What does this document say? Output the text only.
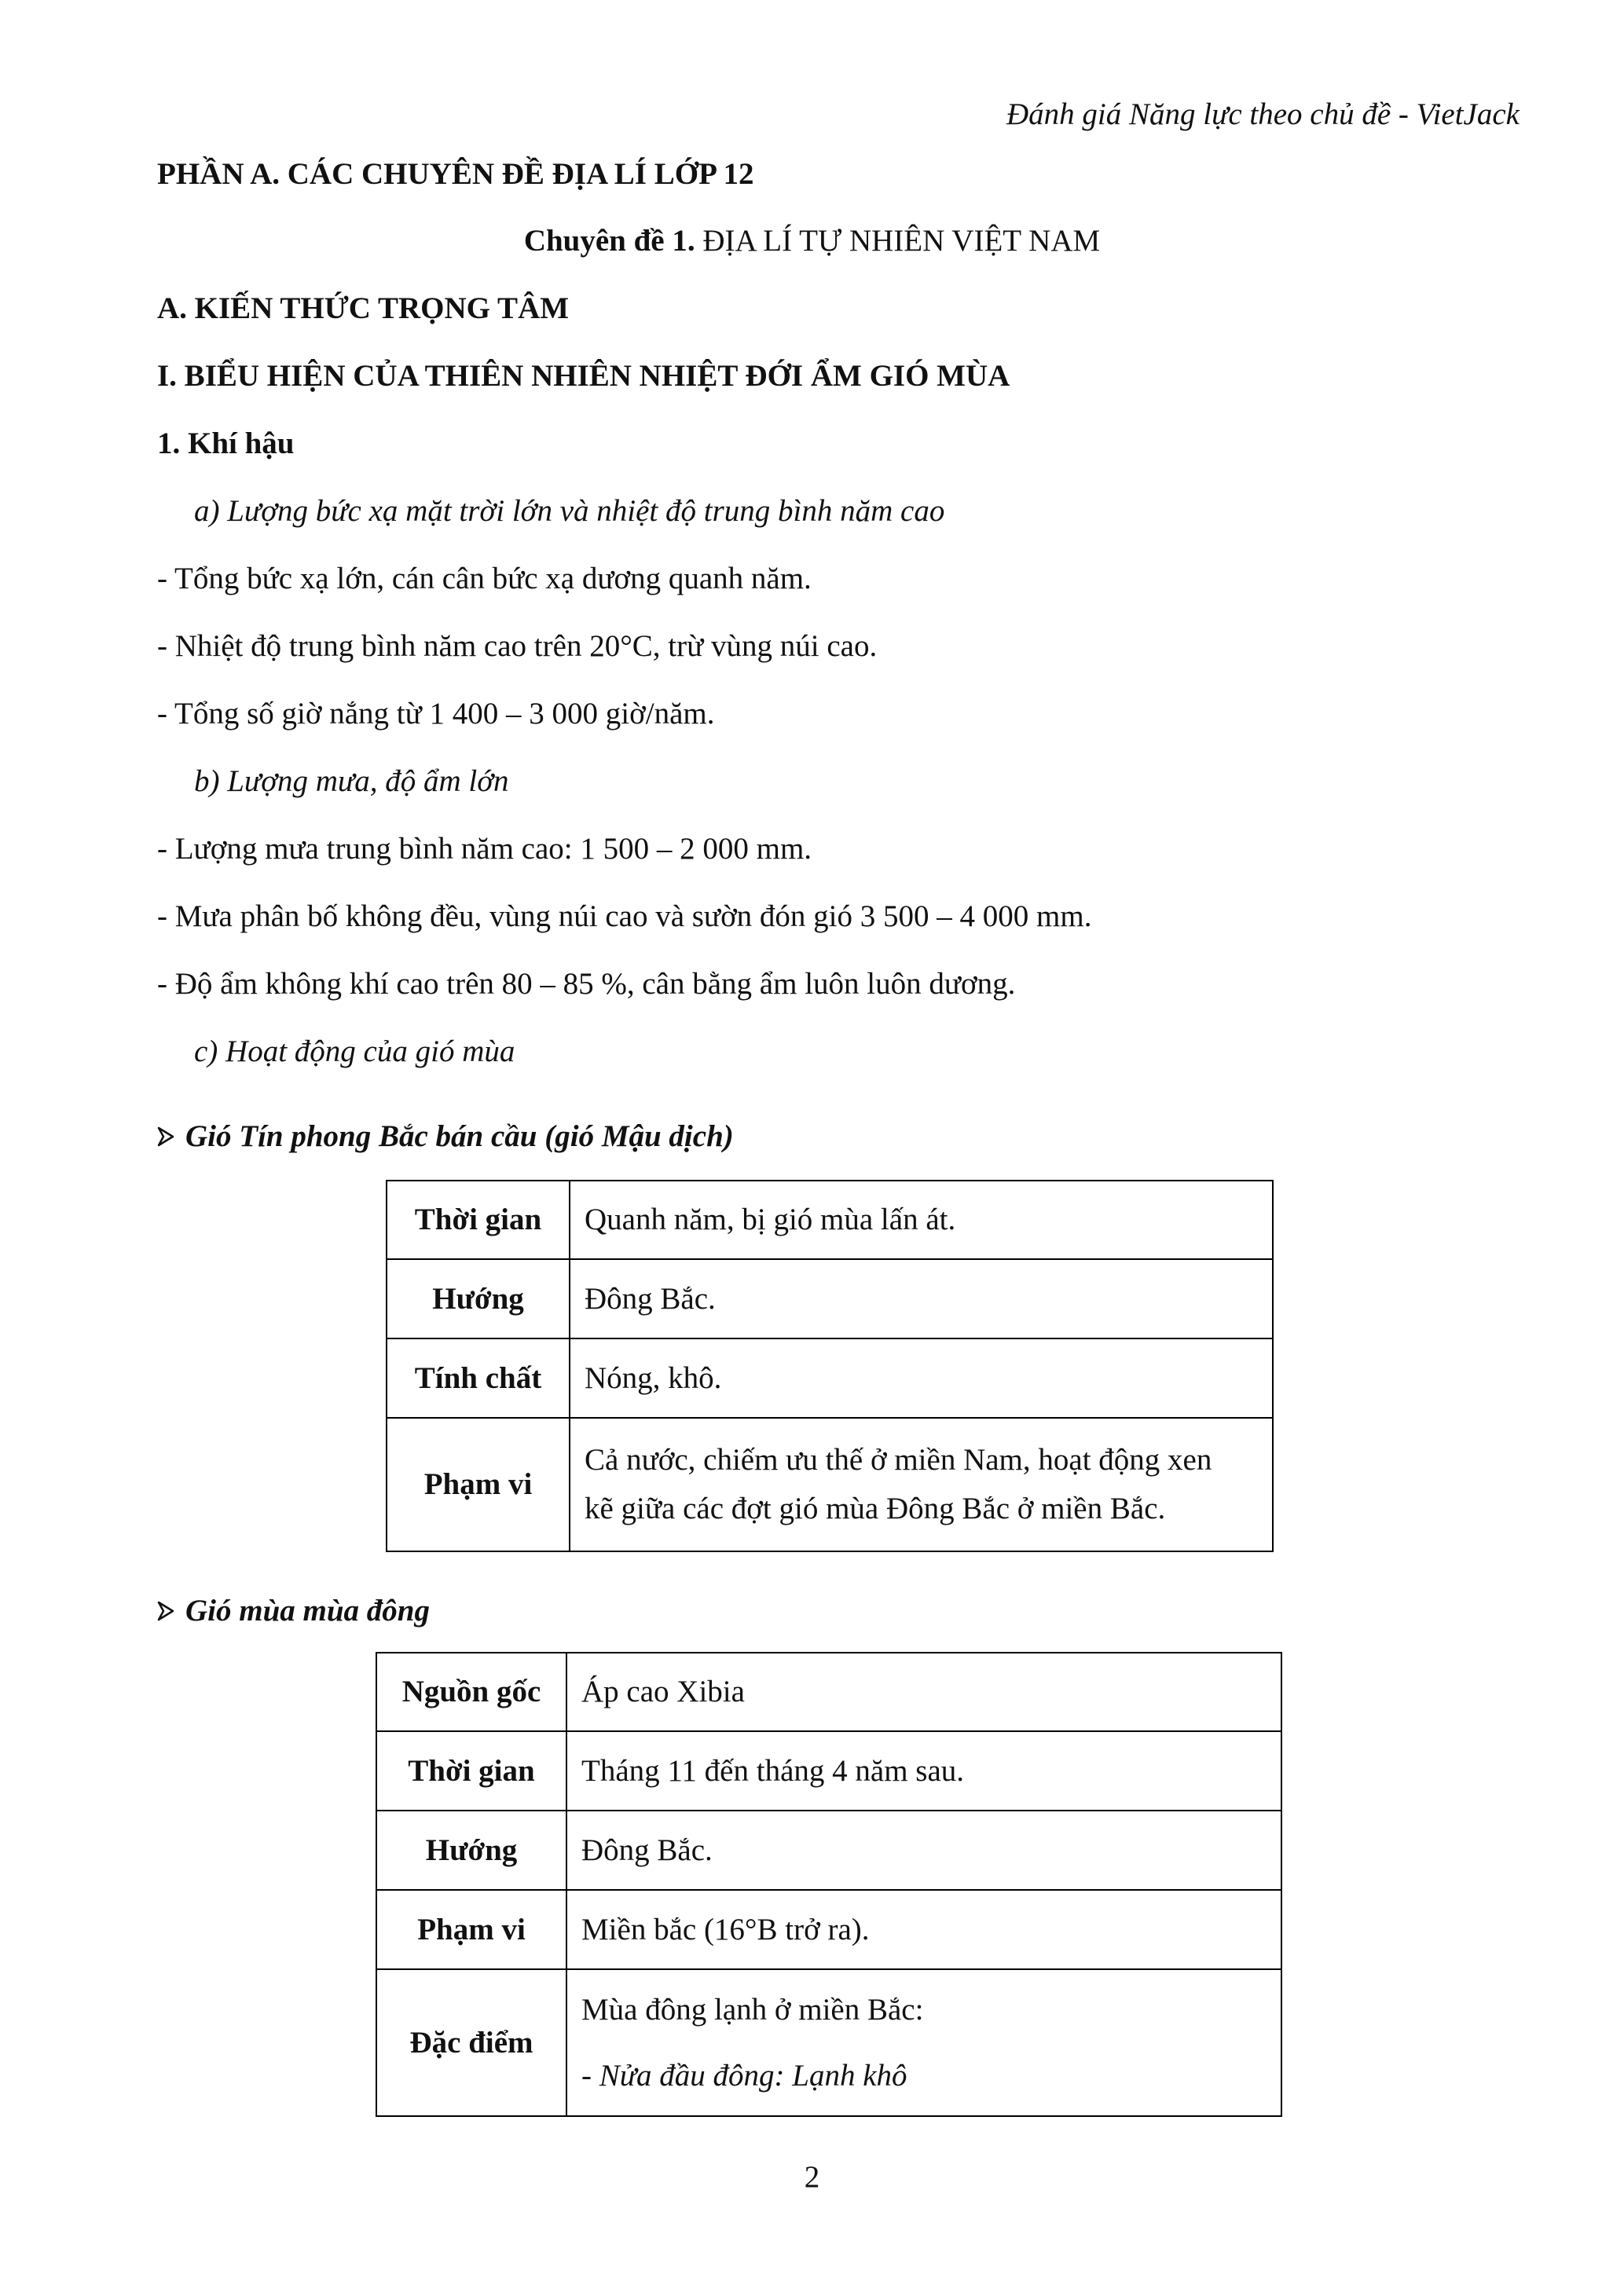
Đánh giá Năng lực theo chủ đề - VietJack
PHẦN A. CÁC CHUYÊN ĐỀ ĐỊA LÍ LỚP 12
Chuyên đề 1. ĐỊA LÍ TỰ NHIÊN VIỆT NAM
A. KIẾN THỨC TRỌNG TÂM
I. BIỂU HIỆN CỦA THIÊN NHIÊN NHIỆT ĐỚI ẨM GIÓ MÙA
1. Khí hậu
a) Lượng bức xạ mặt trời lớn và nhiệt độ trung bình năm cao
- Tổng bức xạ lớn, cán cân bức xạ dương quanh năm.
- Nhiệt độ trung bình năm cao trên 20°C, trừ vùng núi cao.
- Tổng số giờ nắng từ 1 400 – 3 000 giờ/năm.
b) Lượng mưa, độ ẩm lớn
- Lượng mưa trung bình năm cao: 1 500 – 2 000 mm.
- Mưa phân bố không đều, vùng núi cao và sườn đón gió 3 500 – 4 000 mm.
- Độ ẩm không khí cao trên 80 – 85 %, cân bằng ẩm luôn luôn dương.
c) Hoạt động của gió mùa
Gió Tín phong Bắc bán cầu (gió Mậu dịch)
Thời gian	Quanh năm, bị gió mùa lấn át.
Hướng	Đông Bắc.
Tính chất	Nóng, khô.
Phạm vi	Cả nước, chiếm ưu thế ở miền Nam, hoạt động xen
kẽ giữa các đợt gió mùa Đông Bắc ở miền Bắc.
Gió mùa mùa đông
Nguồn gốc	Áp cao Xibia
Thời gian	Tháng 11 đến tháng 4 năm sau.
Hướng	Đông Bắc.
Phạm vi	Miền bắc (16°B trở ra).
Đặc điểm	Mùa đông lạnh ở miền Bắc:
- Nửa đầu đông: Lạnh khô
2
